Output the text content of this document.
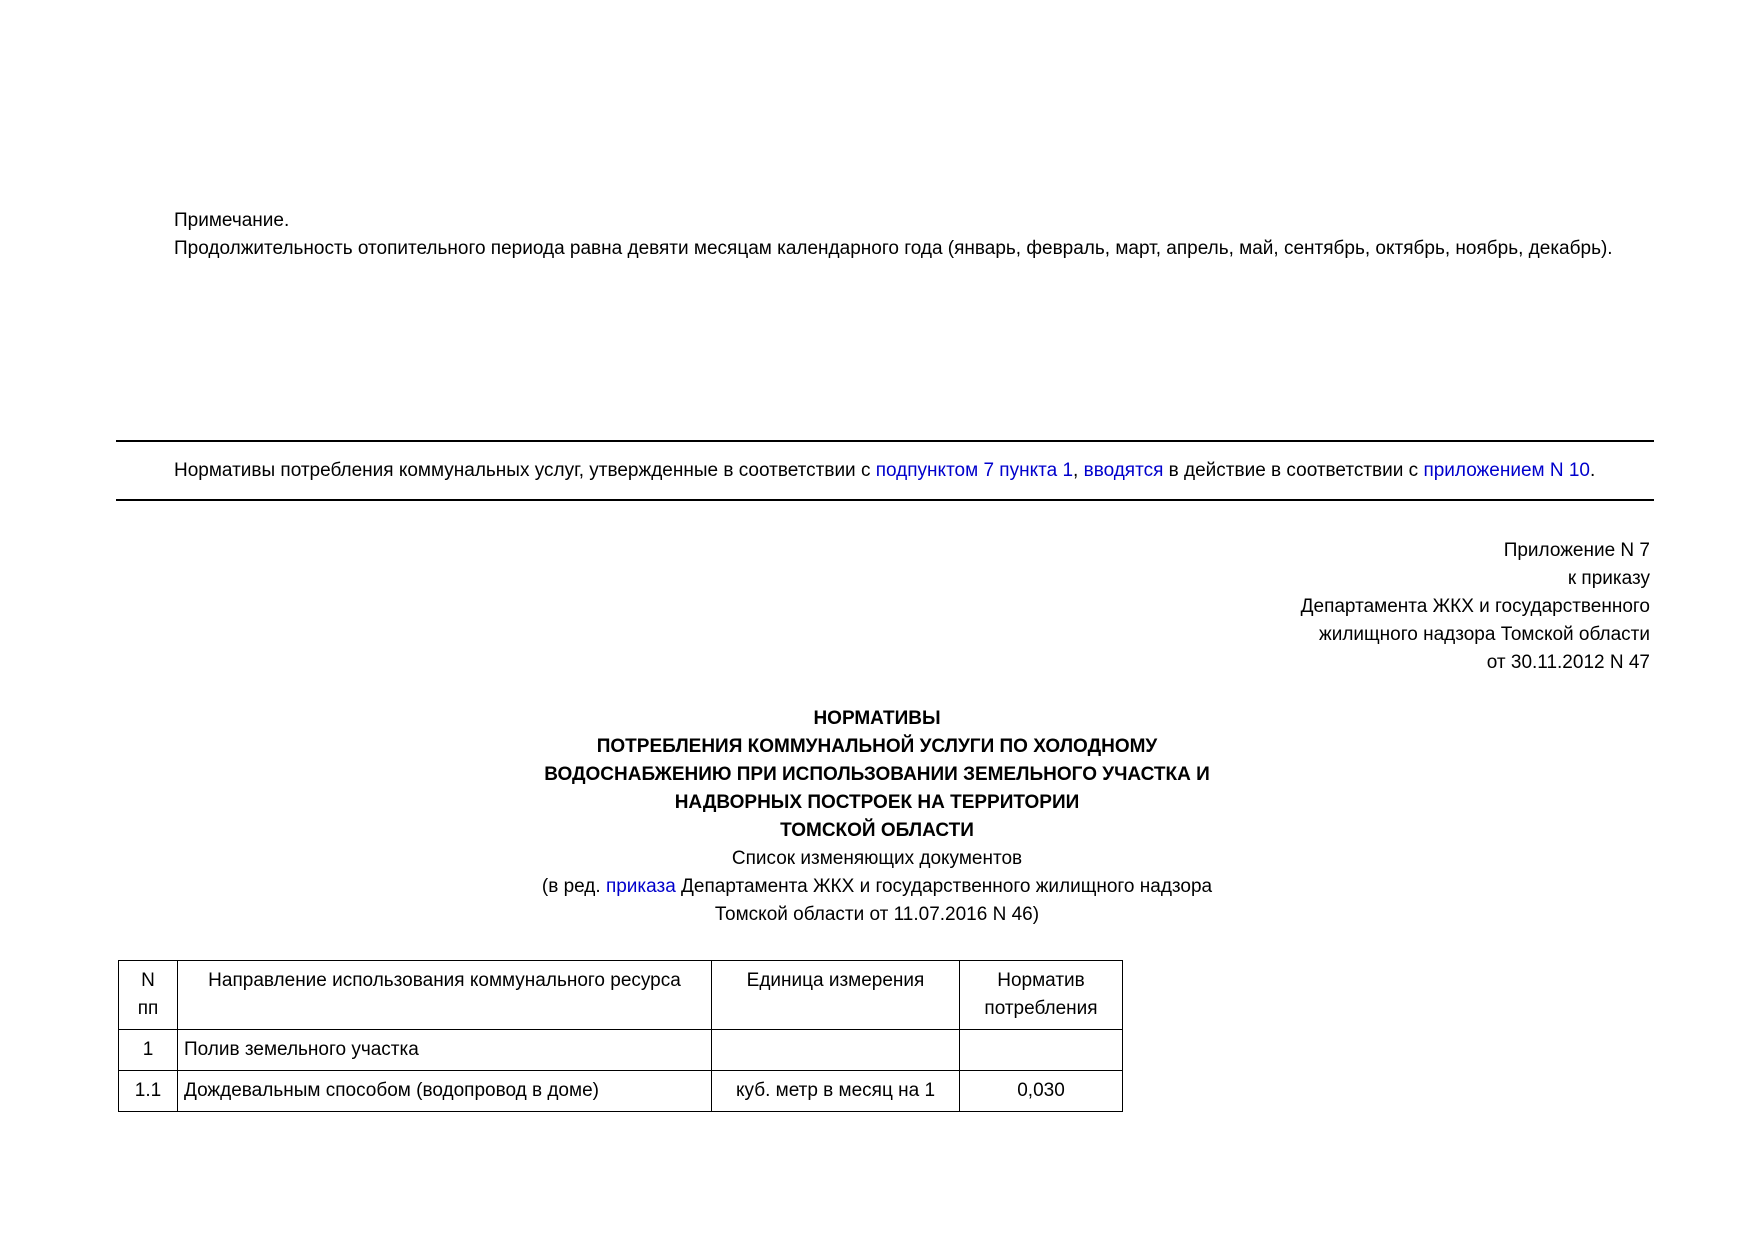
Примечание.

Продолжительность отопительного периода равна девяти месяцам календарного года (январь, февраль, март, апрель, май, сентябрь, октябрь, ноябрь, декабрь).

Нормативы потребления коммунальных услуг, утвержденные в соответствии с подпунктом 7 пункта 1, вводятся в действие в соответствии с приложением N 10.

Приложение N 7
к приказу
Департамента ЖКХ и государственного
жилищного надзора Томской области
от 30.11.2012 N 47
НОРМАТИВЫ
ПОТРЕБЛЕНИЯ КОММУНАЛЬНОЙ УСЛУГИ ПО ХОЛОДНОМУ
ВОДОСНАБЖЕНИЮ ПРИ ИСПОЛЬЗОВАНИИ ЗЕМЕЛЬНОГО УЧАСТКА И
НАДВОРНЫХ ПОСТРОЕК НА ТЕРРИТОРИИ
ТОМСКОЙ ОБЛАСТИ
Список изменяющих документов
(в ред. приказа Департамента ЖКХ и государственного жилищного надзора
Томской области от 11.07.2016 N 46)
N
пп	Направление использования коммунального ресурса	Единица измерения	Норматив потребления
1	Полив земельного участка		
1.1	Дождевальным способом (водопровод в доме)	куб. метр в месяц на 1	0,030
